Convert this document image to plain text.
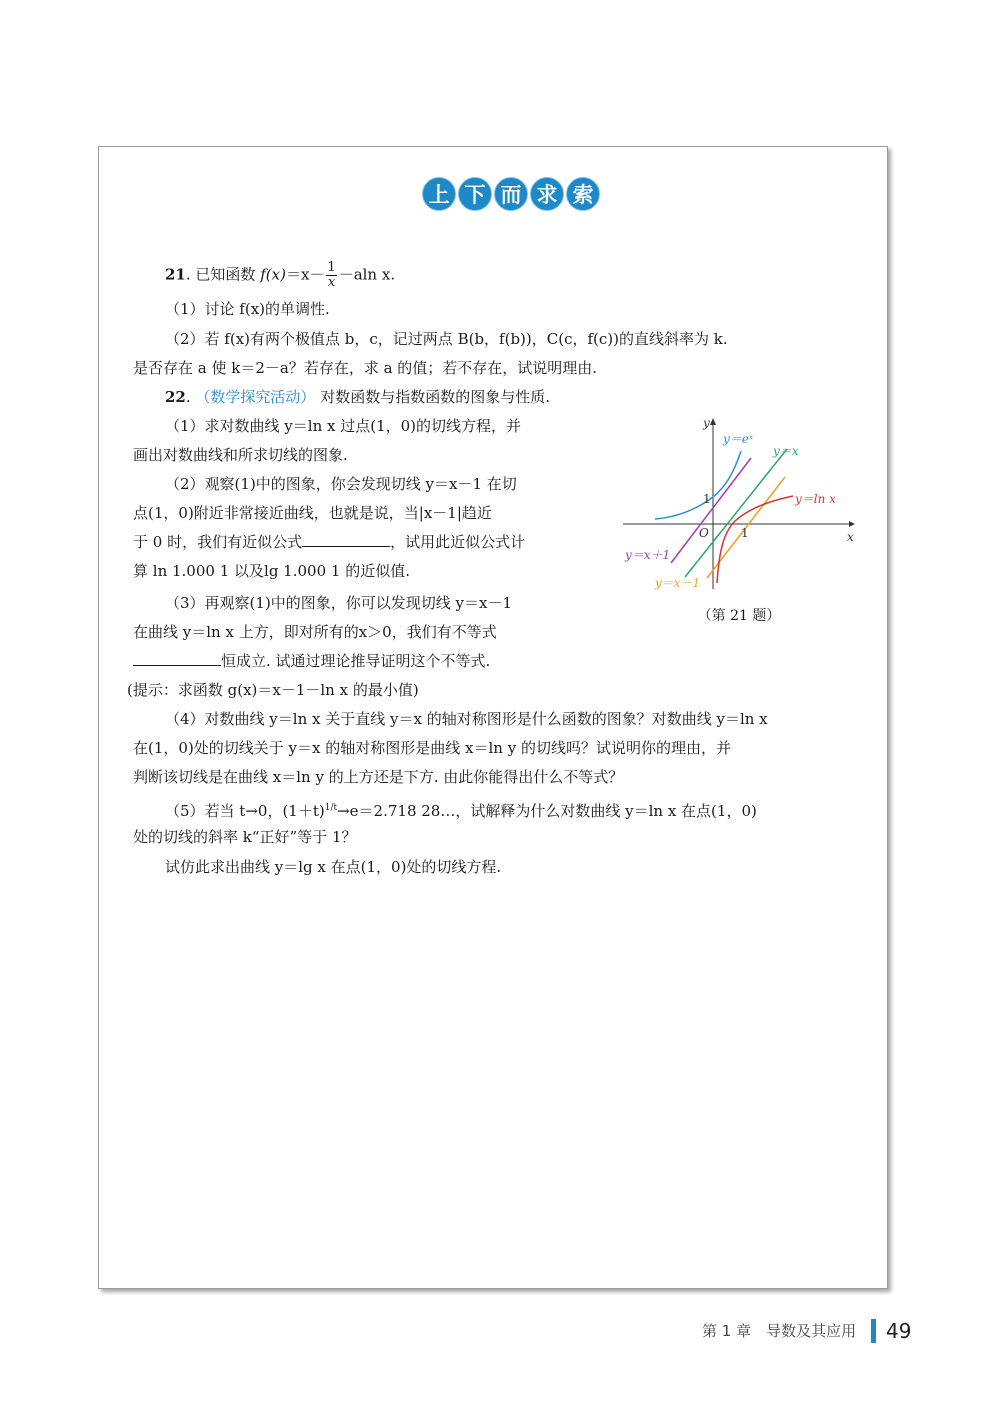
上 下 而 求 索
21. 已知函数 $f(x)=x- \frac{1}{x} -aln$ x.
（1）讨论 f(x)的单调性.
（2）若 f(x)有两个极值点 b，c，记过两点 B(b，f(b))，C(c，f(c))的直线斜率为 k.
是否存在 a 使 k＝2－a？若存在，求 a 的值；若不存在，试说明理由.
22. （数学探究活动） 对数函数与指数函数的图象与性质.
（1）求对数曲线 y＝ln x 过点(1，0)的切线方程，并
画出对数曲线和所求切线的图象.
（2）观察(1)中的图象，你会发现切线 y＝x－1 在切
点(1，0)附近非常接近曲线，也就是说，当|x－1|趋近
于 0 时，我们有近似公式	，试用此近似公式计
算 ln 1.000 1 以及lg 1.000 1 的近似值.
（3）再观察(1)中的图象，你可以发现切线 y＝x－1
在曲线 y＝ln x 上方，即对所有的x＞0，我们有不等式
恒成立. 试通过理论推导证明这个不等式.
(提示：求函数 g(x)＝x－1－ln x 的最小值)
（4）对数曲线 y＝ln x 关于直线 y＝x 的轴对称图形是什么函数的图象？对数曲线 y＝ln x
在(1，0)处的切线关于 y＝x 的轴对称图形是曲线 x＝ln y 的切线吗？试说明你的理由，并
判断该切线是在曲线 x＝ln y 的上方还是下方. 由此你能得出什么不等式？
（5）若当 t→0，$(1+t)^{1/t}\to e=2.718$ 28…，试解释为什么对数曲线 y＝ln x 在点(1，0)
处的切线的斜率 k“正好”等于 1？
试仿此求出曲线 y＝lg x 在点(1，0)处的切线方程.
y
x
O	1
1
y＝eˣ
y＝x
y＝ln x
y＝x＋1
y＝x－1
（第 21 题）
第 1 章　导数及其应用 49
